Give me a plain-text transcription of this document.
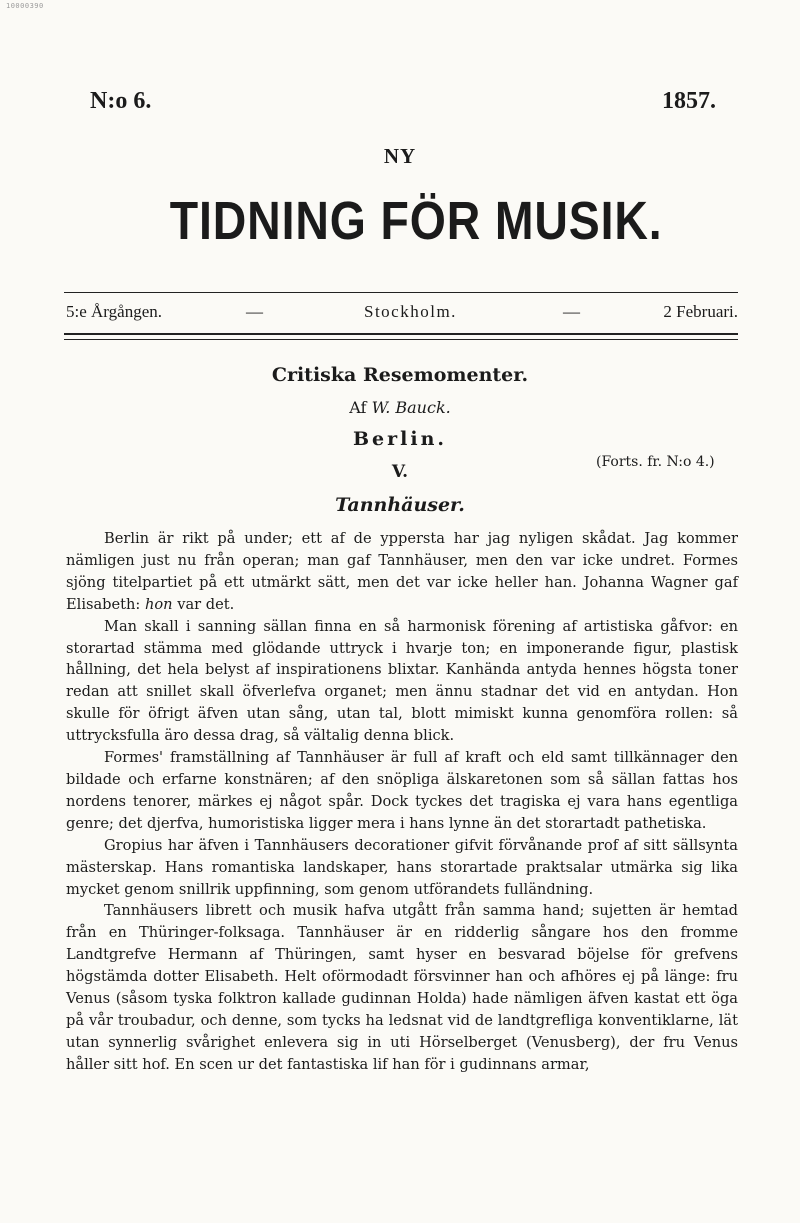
10000390
N:o 6.	1857.
NY
TIDNING FÖR MUSIK.
5:e Årgången.	—	Stockholm.	—	2 Februari.
Critiska Resemomenter.
Af W. Bauck.
Berlin.
(Forts. fr. N:o 4.)
V.
Tannhäuser.

Berlin är rikt på under; ett af de yppersta har jag nyligen skådat. Jag kommer nämligen just nu från operan; man gaf Tannhäuser, men den var icke undret. Formes sjöng titelpartiet på ett utmärkt sätt, men det var icke heller han. Johanna Wagner gaf Elisabeth: hon var det.

Man skall i sanning sällan finna en så harmonisk förening af artistiska gåfvor: en storartad stämma med glödande uttryck i hvarje ton; en imponerande figur, plastisk hållning, det hela belyst af inspirationens blixtar. Kanhända antyda hennes högsta toner redan att snillet skall öfverlefva organet; men ännu stadnar det vid en antydan. Hon skulle för öfrigt äfven utan sång, utan tal, blott mimiskt kunna genomföra rollen: så uttrycksfulla äro dessa drag, så vältalig denna blick.

Formes' framställning af Tannhäuser är full af kraft och eld samt tillkännager den bildade och erfarne konstnären; af den snöpliga älskaretonen som så sällan fattas hos nordens tenorer, märkes ej något spår. Dock tyckes det tragiska ej vara hans egentliga genre; det djerfva, humoristiska ligger mera i hans lynne än det storartadt pathetiska.

Gropius har äfven i Tannhäusers decorationer gifvit förvånande prof af sitt sällsynta mästerskap. Hans romantiska landskaper, hans storartade praktsalar utmärka sig lika mycket genom snillrik uppfinning, som genom utförandets fulländning.

Tannhäusers librett och musik hafva utgått från samma hand; sujetten är hemtad från en Thüringer-folksaga. Tannhäuser är en ridderlig sångare hos den fromme Landtgrefve Hermann af Thüringen, samt hyser en besvarad böjelse för grefvens högstämda dotter Elisabeth. Helt oförmodadt försvinner han och afhöres ej på länge: fru Venus (såsom tyska folktron kallade gudinnan Holda) hade nämligen äfven kastat ett öga på vår troubadur, och denne, som tycks ha ledsnat vid de landtgrefliga konventiklarne, lät utan synnerlig svårighet enlevera sig in uti Hörselberget (Venusberg), der fru Venus håller sitt hof. En scen ur det fantastiska lif han för i gudinnans armar,
